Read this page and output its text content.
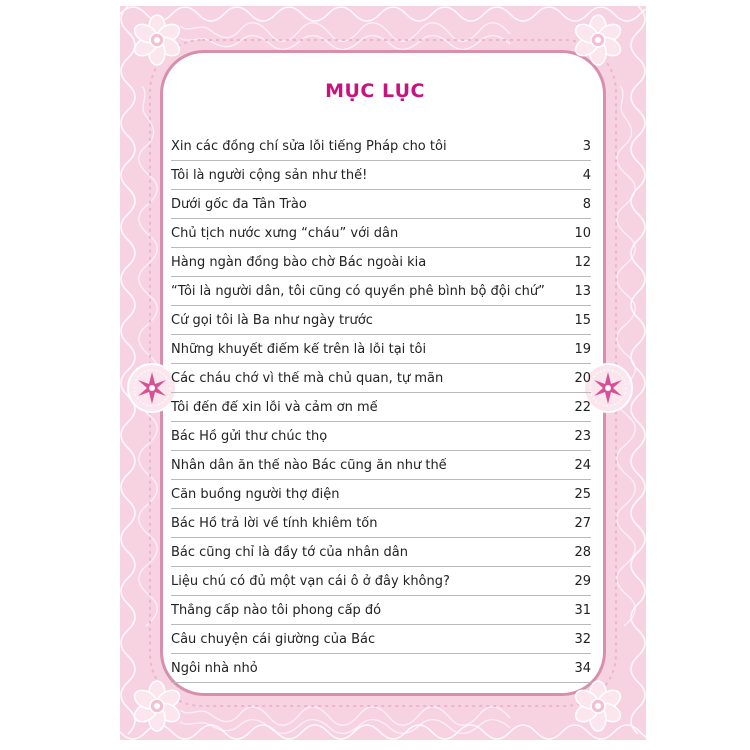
MỤC LỤC
Xin các đồng chí sửa lỗi tiếng Pháp cho tôi	3
Tôi là người cộng sản như thế!	4
Dưới gốc đa Tân Trào	8
Chủ tịch nước xưng “cháu” với dân	10
Hàng ngàn đồng bào chờ Bác ngoài kia	12
“Tôi là người dân, tôi cũng có quyền phê bình bộ đội chứ”	13
Cứ gọi tôi là Ba như ngày trước	15
Những khuyết điểm kể trên là lỗi tại tôi	19
Các cháu chớ vì thế mà chủ quan, tự mãn	20
Tôi đến để xin lỗi và cảm ơn mế	22
Bác Hồ gửi thư chúc thọ	23
Nhân dân ăn thế nào Bác cũng ăn như thế	24
Căn buồng người thợ điện	25
Bác Hồ trả lời về tính khiêm tốn	27
Bác cũng chỉ là đầy tớ của nhân dân	28
Liệu chú có đủ một vạn cái ô ở đây không?	29
Thắng cấp nào tôi phong cấp đó	31
Câu chuyện cái giường của Bác	32
Ngôi nhà nhỏ	34
